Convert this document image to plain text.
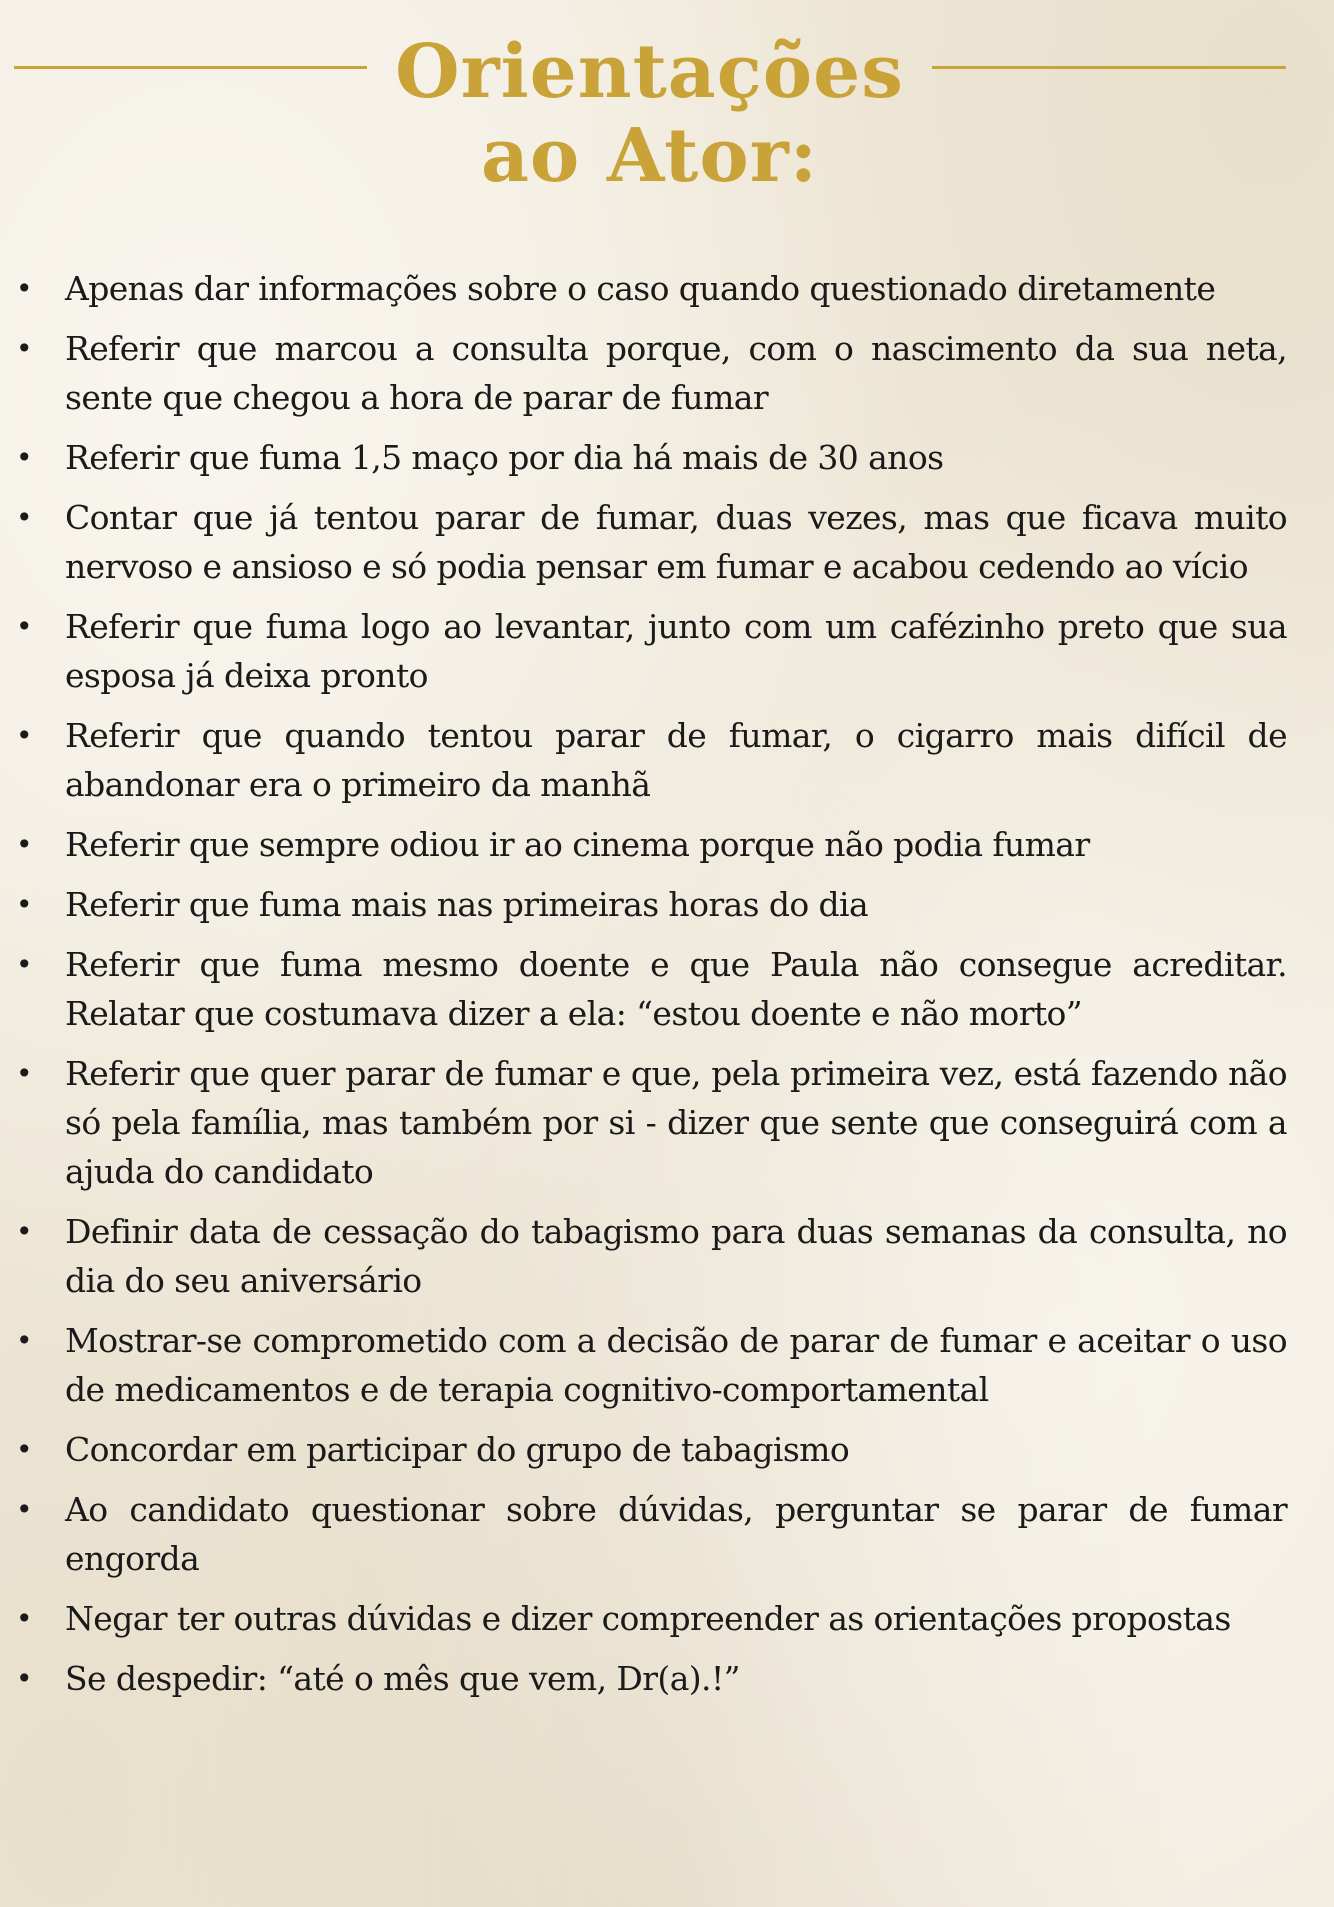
Orientações
ao Ator:
• Apenas dar informações sobre o caso quando questionado diretamente
• Referir que marcou a consulta porque, com o nascimento da sua neta, sente que chegou a hora de parar de fumar
• Referir que fuma 1,5 maço por dia há mais de 30 anos
• Contar que já tentou parar de fumar, duas vezes, mas que ficava muito nervoso e ansioso e só podia pensar em fumar e acabou cedendo ao vício
• Referir que fuma logo ao levantar, junto com um cafézinho preto que sua esposa já deixa pronto
• Referir que quando tentou parar de fumar, o cigarro mais difícil de abandonar era o primeiro da manhã
• Referir que sempre odiou ir ao cinema porque não podia fumar
• Referir que fuma mais nas primeiras horas do dia
• Referir que fuma mesmo doente e que Paula não consegue acreditar. Relatar que costumava dizer a ela: “estou doente e não morto”
• Referir que quer parar de fumar e que, pela primeira vez, está fazendo não só pela família, mas também por si - dizer que sente que conseguirá com a ajuda do candidato
• Definir data de cessação do tabagismo para duas semanas da consulta, no dia do seu aniversário
• Mostrar-se comprometido com a decisão de parar de fumar e aceitar o uso de medicamentos e de terapia cognitivo-comportamental
• Concordar em participar do grupo de tabagismo
• Ao candidato questionar sobre dúvidas, perguntar se parar de fumar engorda
• Negar ter outras dúvidas e dizer compreender as orientações propostas
• Se despedir: “até o mês que vem, Dr(a).!”
